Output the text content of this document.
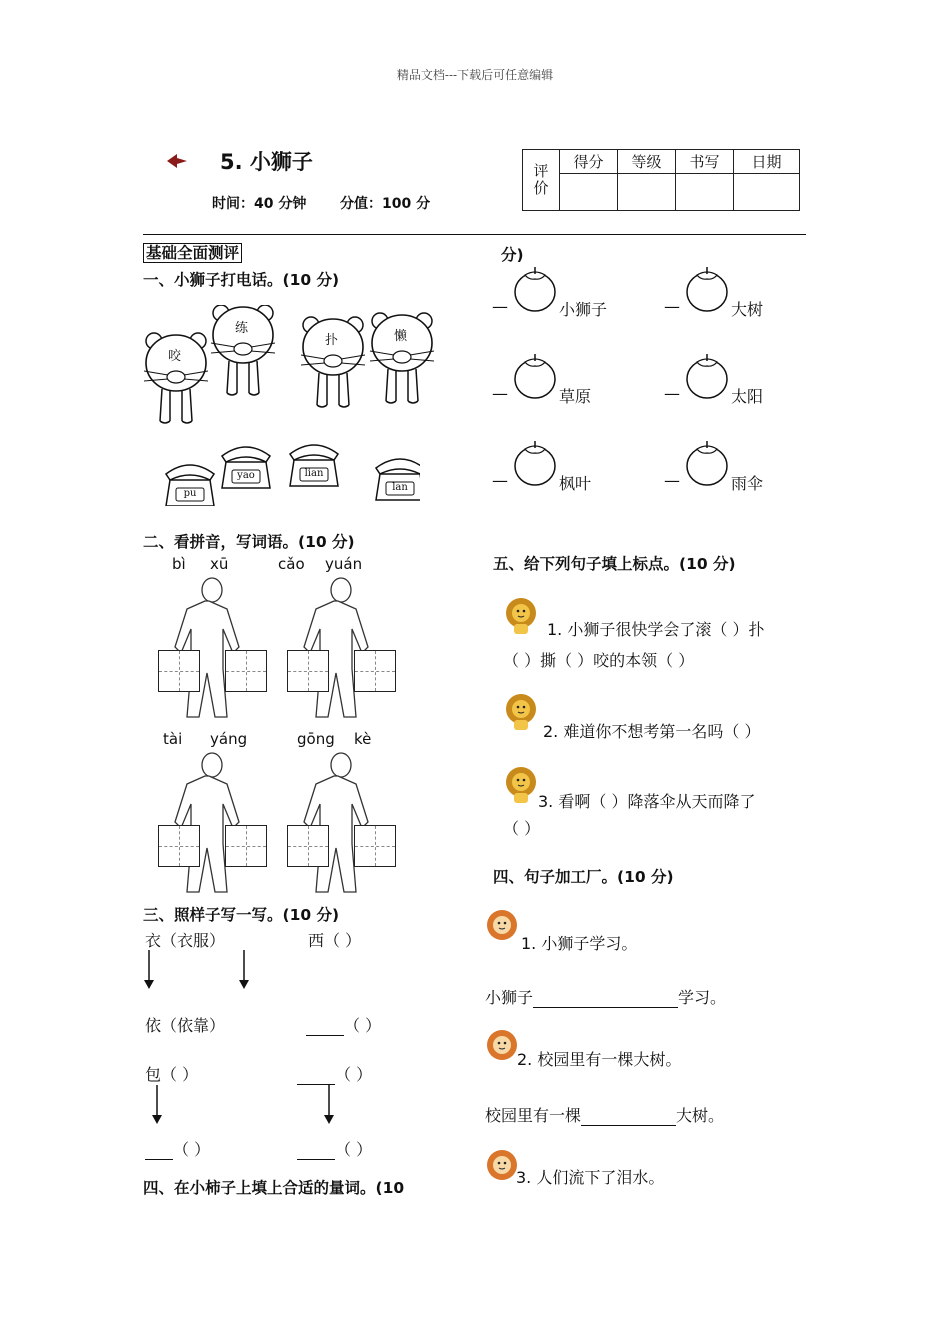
精品文档---下载后可任意编辑
5. 小狮子
时间：40 分钟 分值：100 分
评价	得分	等级	书写	日期

基础全面测评
一、小狮子打电话。(10 分)
咬
练
扑	懒
pu
yao	lian
lan
二、看拼音，写词语。(10 分)
bì xū	cǎo yuán
tài yáng	gōng kè
三、照样子写一写。(10 分)
衣（衣服）	西（ ）
依（依靠）	（ ）
包（ ）	（ ）
（ ）	（ ）
四、在小柿子上填上合适的量词。(10
分)
—	小狮子	—	大树
—	草原	—	太阳
—	枫叶	—	雨伞
五、给下列句子填上标点。(10 分)
1. 小狮子很快学会了滚（ ）扑
（ ）撕（ ）咬的本领（ ）
2. 难道你不想考第一名吗（ ）
3. 看啊（ ）降落伞从天而降了
（ ）
四、句子加工厂。(10 分)
1. 小狮子学习。
小狮子	学习。
2. 校园里有一棵大树。
校园里有一棵	大树。
3. 人们流下了泪水。
